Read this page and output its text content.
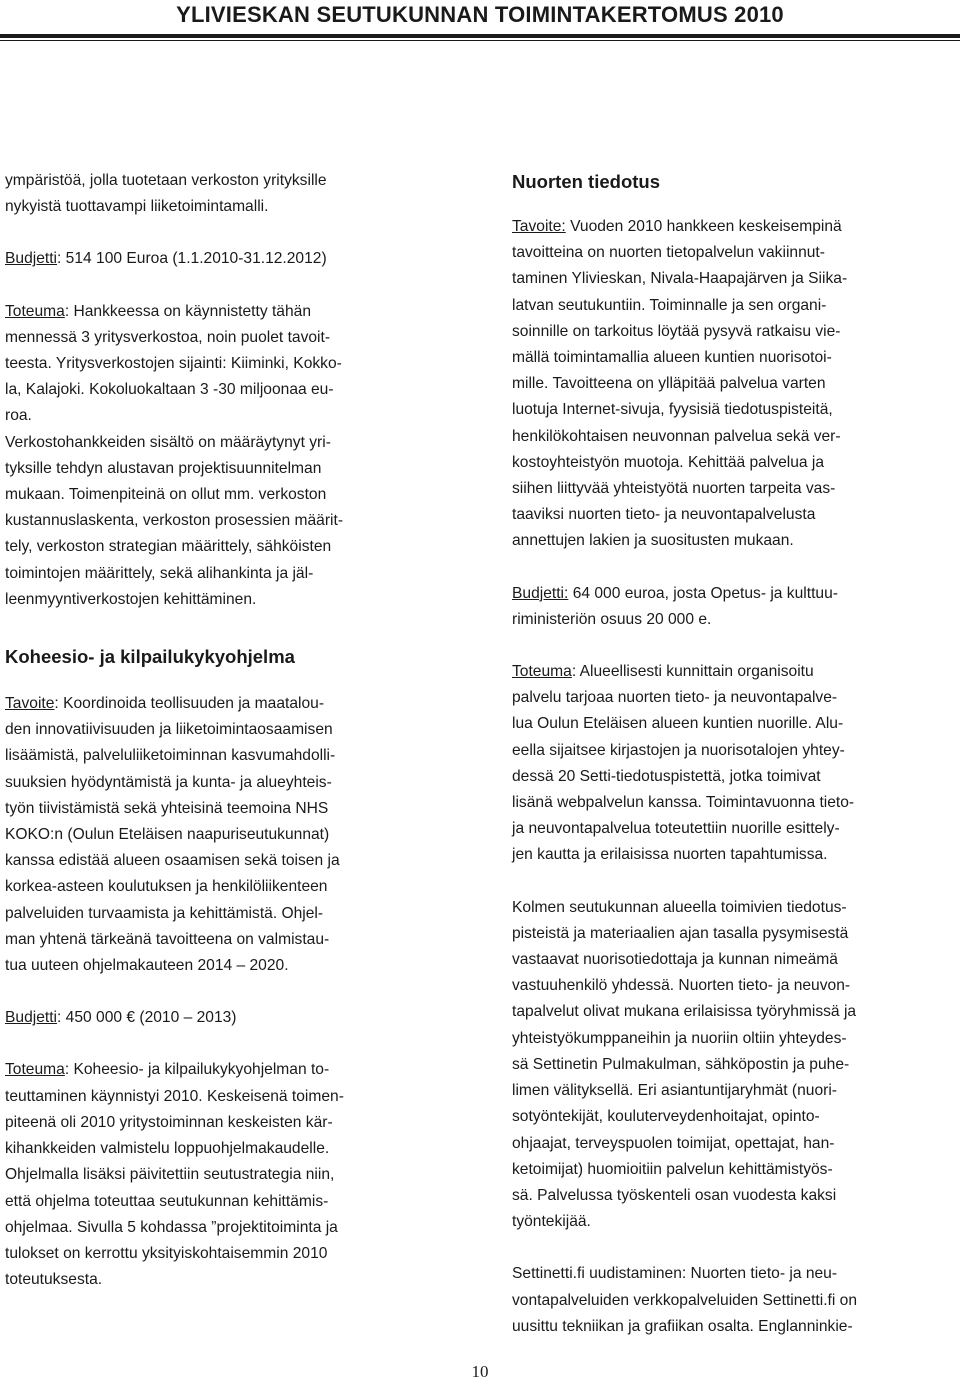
YLIVIESKAN SEUTUKUNNAN TOIMINTAKERTOMUS 2010

ympäristöä, jolla tuotetaan verkoston yrityksille
nykyistä tuottavampi liiketoimintamalli.

Budjetti: 514 100 Euroa (1.1.2010-31.12.2012)

Toteuma: Hankkeessa on käynnistetty tähän
mennessä 3 yritysverkostoa, noin puolet tavoit-
teesta. Yritysverkostojen sijainti: Kiiminki, Kokko-
la, Kalajoki. Kokoluokaltaan 3 -30 miljoonaa eu-
roa.
Verkostohankkeiden sisältö on määräytynyt yri-
tyksille tehdyn alustavan projektisuunnitelman
mukaan. Toimenpiteinä on ollut mm. verkoston
kustannuslaskenta, verkoston prosessien määrit-
tely, verkoston strategian määrittely, sähköisten
toimintojen määrittely, sekä alihankinta ja jäl-
leenmyyntiverkostojen kehittäminen.

Koheesio- ja kilpailukykyohjelma

Tavoite: Koordinoida teollisuuden ja maatalou-
den innovatiivisuuden ja liiketoimintaosaamisen
lisäämistä, palveluliiketoiminnan kasvumahdolli-
suuksien hyödyntämistä ja kunta- ja alueyhteis-
työn tiivistämistä sekä yhteisinä teemoina NHS
KOKO:n (Oulun Eteläisen naapuriseutukunnat)
kanssa edistää alueen osaamisen sekä toisen ja
korkea-asteen koulutuksen ja henkilöliikenteen
palveluiden turvaamista ja kehittämistä. Ohjel-
man yhtenä tärkeänä tavoitteena on valmistau-
tua uuteen ohjelmakauteen 2014 – 2020.

Budjetti: 450 000 € (2010 – 2013)

Toteuma: Koheesio- ja kilpailukykyohjelman to-
teuttaminen käynnistyi 2010. Keskeisenä toimen-
piteenä oli 2010 yritystoiminnan keskeisten kär-
kihankkeiden valmistelu loppuohjelmakaudelle.
Ohjelmalla lisäksi päivitettiin seutustrategia niin,
että ohjelma toteuttaa seutukunnan kehittämis-
ohjelmaa. Sivulla 5 kohdassa ”projektitoiminta ja
tulokset on kerrottu yksityiskohtaisemmin 2010
toteutuksesta.

Nuorten tiedotus

Tavoite: Vuoden 2010 hankkeen keskeisempinä
tavoitteina on nuorten tietopalvelun vakiinnut-
taminen Ylivieskan, Nivala-Haapajärven ja Siika-
latvan seutukuntiin. Toiminnalle ja sen organi-
soinnille on tarkoitus löytää pysyvä ratkaisu vie-
mällä toimintamallia alueen kuntien nuorisotoi-
mille. Tavoitteena on ylläpitää palvelua varten
luotuja Internet-sivuja, fyysisiä tiedotuspisteitä,
henkilökohtaisen neuvonnan palvelua sekä ver-
kostoyhteistyön muotoja. Kehittää palvelua ja
siihen liittyvää yhteistyötä nuorten tarpeita vas-
taaviksi nuorten tieto- ja neuvontapalvelusta
annettujen lakien ja suositusten mukaan.

Budjetti: 64 000 euroa, josta Opetus- ja kulttuu-
riministeriön osuus 20 000 e.

Toteuma: Alueellisesti kunnittain organisoitu
palvelu tarjoaa nuorten tieto- ja neuvontapalve-
lua Oulun Eteläisen alueen kuntien nuorille. Alu-
eella sijaitsee kirjastojen ja nuorisotalojen yhtey-
dessä 20 Setti-tiedotuspistettä, jotka toimivat
lisänä webpalvelun kanssa. Toimintavuonna tieto-
ja neuvontapalvelua toteutettiin nuorille esittely-
jen kautta ja erilaisissa nuorten tapahtumissa.

Kolmen seutukunnan alueella toimivien tiedotus-
pisteistä ja materiaalien ajan tasalla pysymisestä
vastaavat nuorisotiedottaja ja kunnan nimeämä
vastuuhenkilö yhdessä. Nuorten tieto- ja neuvon-
tapalvelut olivat mukana erilaisissa työryhmissä ja
yhteistyökumppaneihin ja nuoriin oltiin yhteydes-
sä Settinetin Pulmakulman, sähköpostin ja puhe-
limen välityksellä. Eri asiantuntijaryhmät (nuori-
sotyöntekijät, kouluterveydenhoitajat, opinto-
ohjaajat, terveyspuolen toimijat, opettajat, han-
ketoimijat) huomioitiin palvelun kehittämistyös-
sä. Palvelussa työskenteli osan vuodesta kaksi
työntekijää.

Settinetti.fi uudistaminen: Nuorten tieto- ja neu-
vontapalveluiden verkkopalveluiden Settinetti.fi on
uusittu tekniikan ja grafiikan osalta. Englanninkie-

10
